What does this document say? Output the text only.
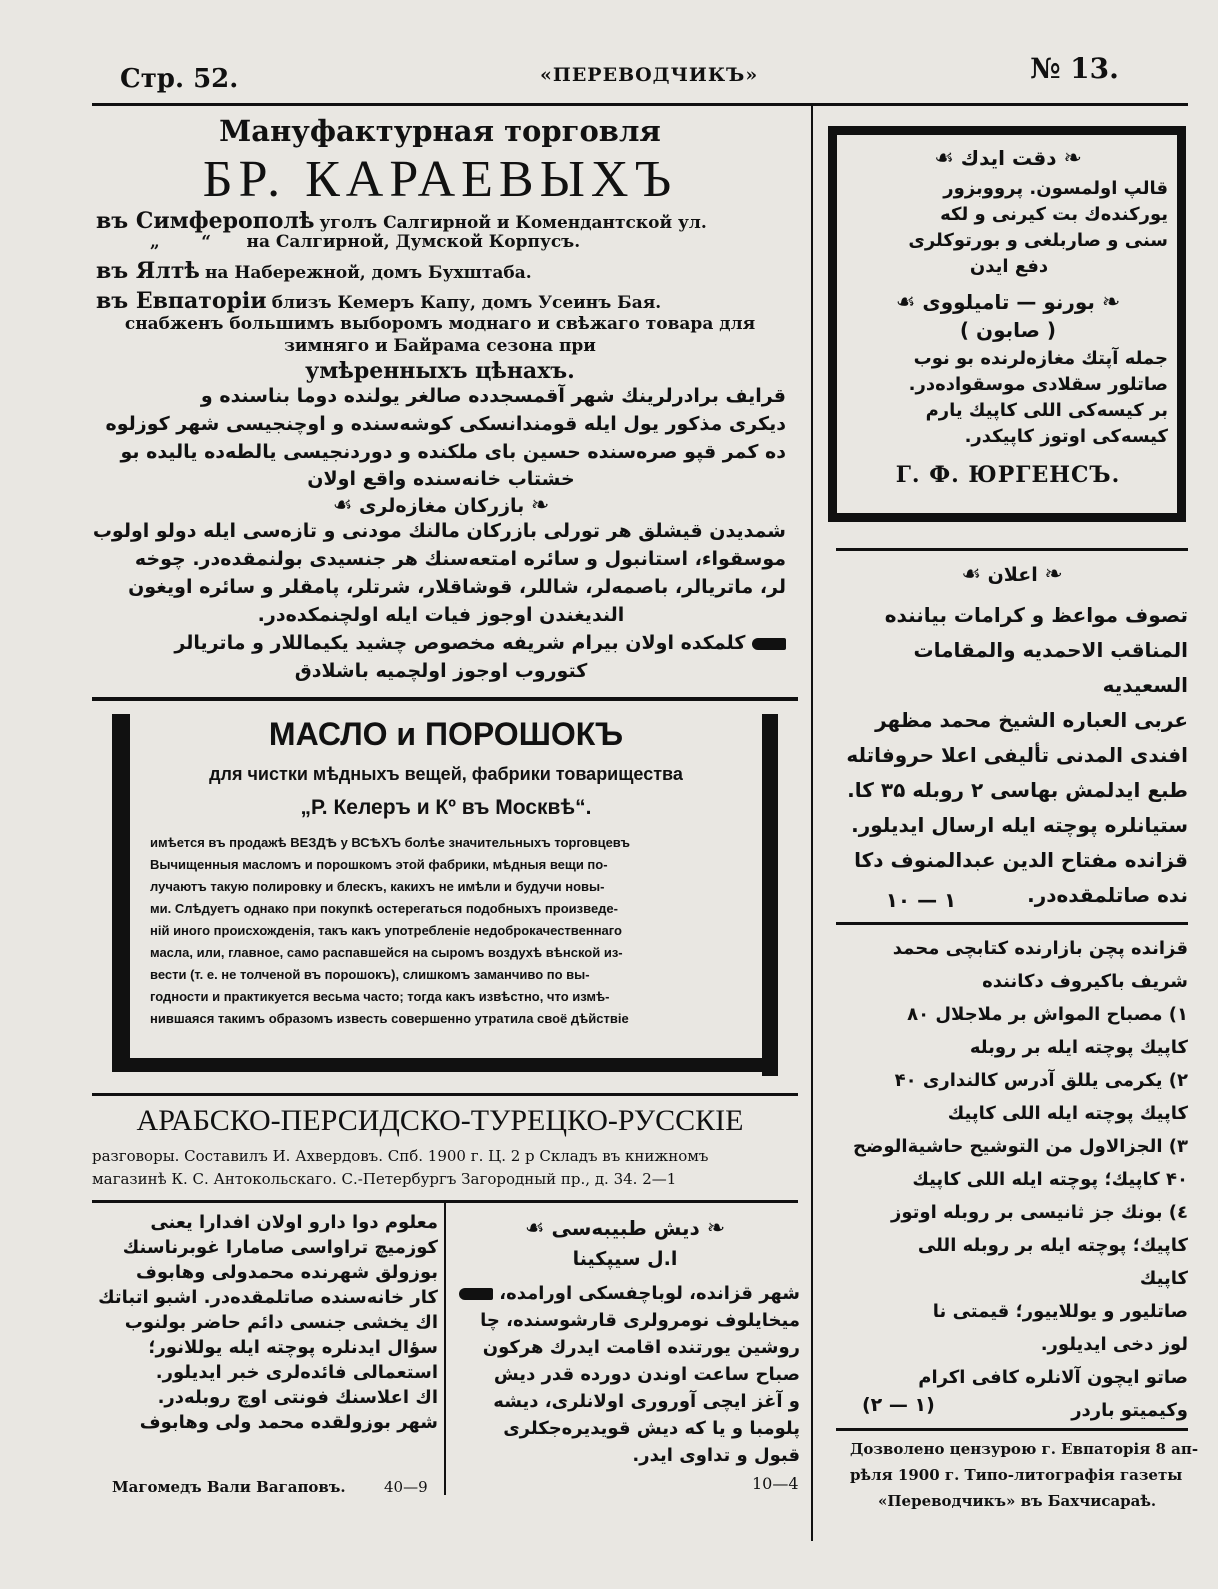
Стр. 52.	«ПЕРЕВОДЧИКЪ»	№ 13.
Мануфактурная торговля
БР. КАРАЕВЫХЪ
въ Симферополѣ уголъ Салгирной и Комендантской ул.
„       “      на Салгирной, Думской Корпусъ.
въ Ялтѣ на Набережной, домъ Бухштаба.
въ Евпаторіи близъ Кемеръ Капу, домъ Усеинъ Бая.
снабженъ большимъ выборомъ моднаго и свѣжаго товара для
зимняго и Байрама сезона при
умѣренныхъ цѣнахъ.
قرایف برادرلرینك شهر آقمسجدده صالغر یولنده دوما بناسنده و
دیکری مذکور یول ایله قومندانسکی کوشه‌سنده و اوچنجیسی شهر کوزلوه
ده کمر قپو صره‌سنده حسین بای ملکنده و دوردنجیسی یالطه‌ده یالیده بو
خشتاب خانه‌سنده واقع اولان
❧ بازرکان مغازه‌لری ☙
شمدیدن قیشلق هر تورلی بازرکان مالنك مودنی و تازه‌سی ایله دولو اولوب
موسقواء، استانبول و سائره امتعه‌سنك هر جنسیدی بولنمقده‌در. چوخه
لر، ماتریالر، باصمه‌لر، شاللر، قوشاقلار، شرتلر، پامقلر و سائره اویغون
الندیغندن اوجوز فیات ایله اولچنمکده‌در.
کلمکده اولان بیرام شریفه مخصوص چشید یکیماللار و ماتریالر
کتوروب اوجوز اولچمیه باشلادق
МАСЛО и ПОРОШОКЪ
для чистки мѣдныхъ вещей, фабрики товарищества
„Р. Келеръ и Кº въ Москвѣ“.
имѣется въ продажѣ ВЕЗДѢ у ВСѢХЪ болѣе значительныхъ торговцевъ
Вычищенныя масломъ и порошкомъ этой фабрики, мѣдныя вещи по-
лучаютъ такую полировку и блескъ, какихъ не имѣли и будучи новы-
ми. Слѣдуетъ однако при покупкѣ остерегаться подобныхъ произведе-
ній иного происхожденія, такъ какъ употребленіе недоброкачественнаго
масла, или, главное, само распавшейся на сыромъ воздухѣ вѣнской из-
вести (т. е. не толченой въ порошокъ), слишкомъ заманчиво по вы-
годности и практикуется весьма часто; тогда какъ извѣстно, что измѣ-
нившаяся такимъ образомъ известь совершенно утратила своё дѣйствіе
АРАБСКО-ПЕРСИДСКО-ТУРЕЦКО-РУССКІЕ
разговоры. Составилъ И. Ахвердовъ. Спб. 1900 г. Ц. 2 р Складъ въ книжномъ
магазинѣ К. С. Антокольскаго. С.-Петербургъ Загородный пр., д. 34. 2—1
معلوم دوا دارو اولان افدارا یعنی
کوزمیچ ترا‌واسی صامارا غوبرناسنك
بوزولق شهرنده محمدولی وهابوف
کار خانه‌سنده صاتلمقده‌در. اشبو اتباتك
اك یخشی جنسی دائم حاضر بولنوب
سؤال ایدنلره پوچته ایله یوللانور؛
استعمالی فائده‌لری خبر ایدیلور.
اك اعلاسنك فونتی اوچ روبله‌در.
شهر بوزولقده محمد ولی وهابوف
Магомедъ Вали Вагаповъ.	40—9
❧ دیش طبیبه‌سی ☙
ا.ل سیپکینا
شهر قزانده، لوباچفسکی اورامده،
میخایلوف نومرولری قارشوسنده، چا
روشین یورتنده اقامت ایدرك هرکون
صباح ساعت اوندن دورده قدر دیش
و آغز ایچی آوروری اولانلری، دیشه
پلومبا و یا که دیش قویدیره‌جکلری
قبول و تداوی ایدر.
10—4
❧ دقت ایدك ☙
قالپ اولمسون. پرووبزور
یورکنده‌ك بت کیرنی و لکه
سنی و صاربلغی و بورتوکلری
دفع ایدن
❧ بورنو — تامیلووی ☙
( صابون )
جمله آپتك مغازه‌لرنده بو نوب
صاتلور سقلادی موسقواده‌در.
بر کیسه‌کی اللی کاپیك یارم
کیسه‌کی اوتوز کاپیکدر.
Г. Ф. ЮРГЕНСЪ.
❧ اعلان ☙
تصوف مواعظ و کرامات بیاننده
المناقب الاحمدیه والمقامات السعیدیه
عربی العباره الشیخ محمد مظهر
افندی المدنی تألیفی اعلا حروفاتله
طبع ایدلمش بهاسی ۲ روبله ۳۵ کا.
ستیانلره پوچته ایله ارسال ایدیلور.
قزانده مفتاح الدین عبدالمنوف دکا
نده صاتلمقده‌در.
۱۰ — ۱
قزانده پچن بازارنده کتابچی محمد
شریف باکیروف دکاننده
۱) مصباح المواش بر ملاجلال ۸۰
کاپیك پوچته ایله بر روبله
۲) یکرمی یللق آدرس کالنداری ۴۰
کاپیك پوچته ایله اللی کاپیك
۳) الجزالاول من التوشیح حاشیةالوضح
۴۰ کاپیك؛ پوچته ایله اللی کاپیك
٤) بونك جز ثانیسی بر روبله اوتوز
کاپیك؛ پوچته ایله بر روبله اللی
کاپیك
صاتلیور و یوللاییور؛ قیمتی نا
لوز دخی ایدیلور.
صاتو ایچون آلانلره کافی اکرام
وکیمیتو باردر
(۲ — ۱)
Дозволено цензурою г. Евпаторія 8 ап-
рѣля 1900 г. Типо-литографія газеты
«Переводчикъ» въ Бахчисараѣ.
